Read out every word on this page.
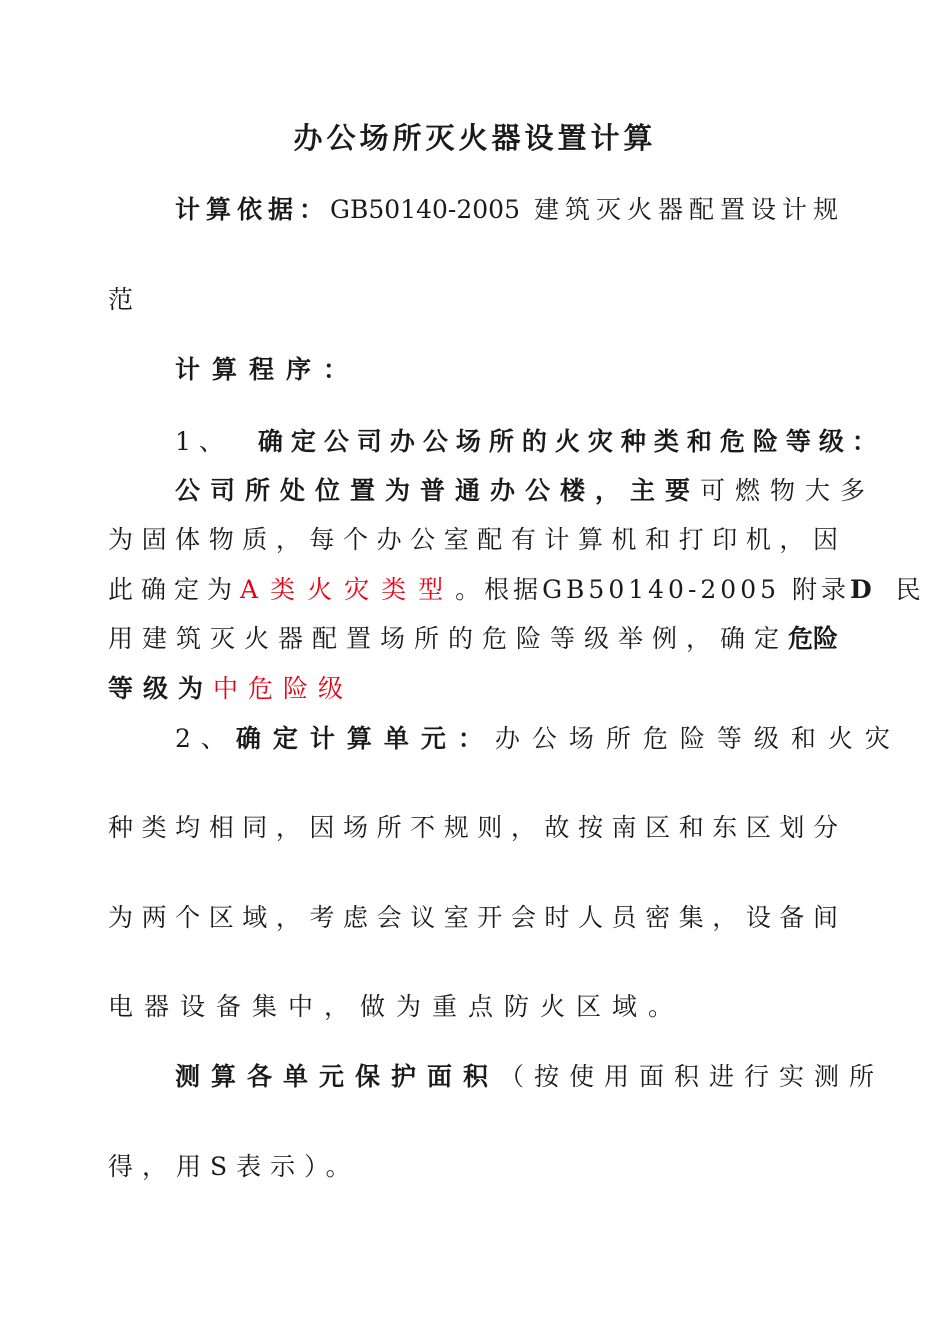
办公场所灭火器设置计算
计算依据：GB50140-2005 建筑灭火器配置设计规
范
计算程序：
1、 确定公司办公场所的火灾种类和危险等级：
公司所处位置为普通办公楼，主要可燃物大多
为固体物质，每个办公室配有计算机和打印机，因
此确定为A类火灾类型。根据GB50140-2005 附录D 民
用建筑灭火器配置场所的危险等级举例，确定危险
等级为中危险级
2、确定计算单元：办公场所危险等级和火灾
种类均相同，因场所不规则，故按南区和东区划分
为两个区域，考虑会议室开会时人员密集，设备间
电器设备集中，做为重点防火区域。
测算各单元保护面积（按使用面积进行实测所
得，用S表示）。
